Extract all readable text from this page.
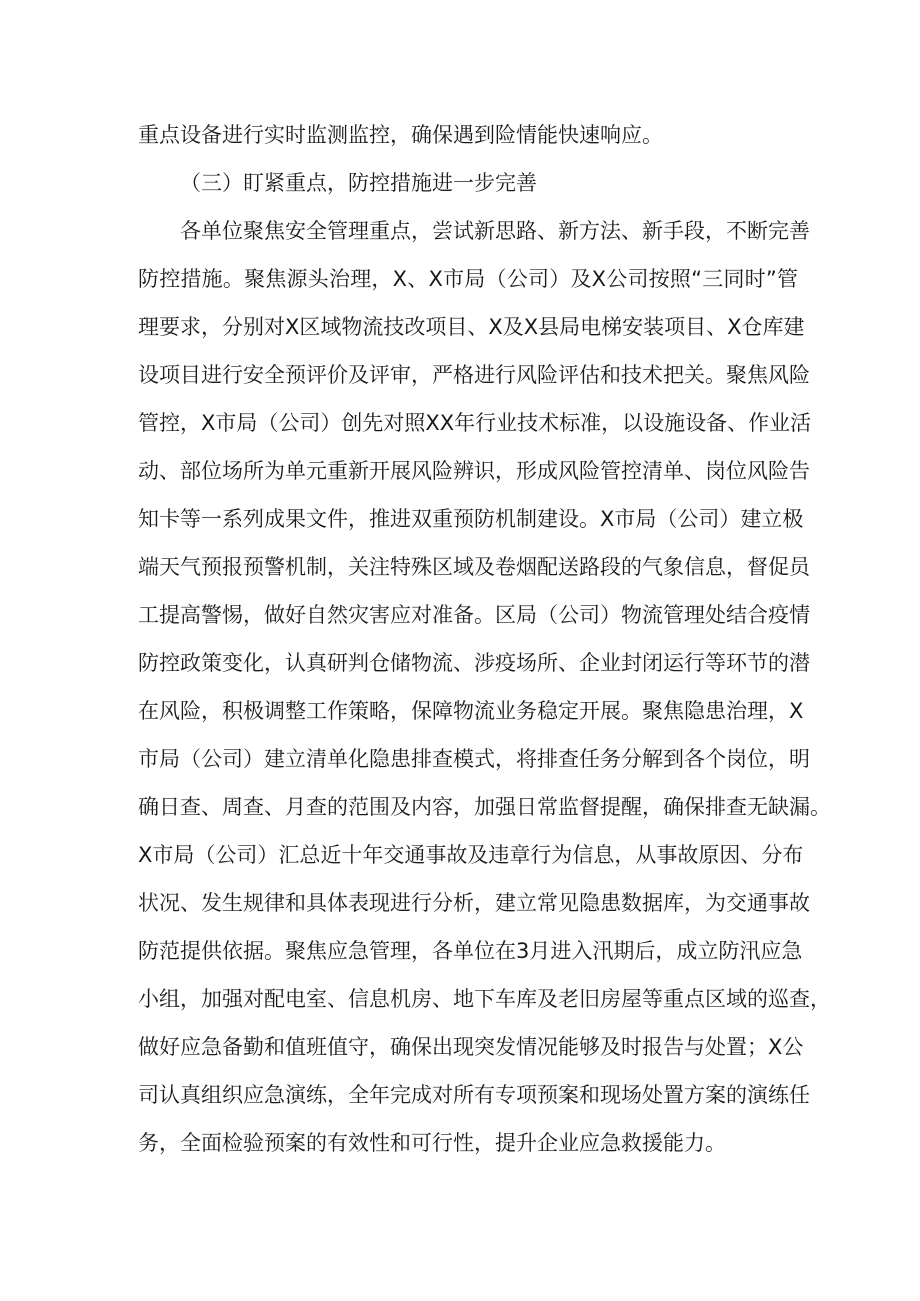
重点设备进行实时监测监控，确保遇到险情能快速响应。
（三）盯紧重点，防控措施进一步完善
各单位聚焦安全管理重点，尝试新思路、新方法、新手段，不断完善
防控措施。聚焦源头治理，X、X市局（公司）及X公司按照“三同时”管
理要求，分别对X区域物流技改项目、X及X县局电梯安装项目、X仓库建
设项目进行安全预评价及评审，严格进行风险评估和技术把关。聚焦风险
管控，X市局（公司）创先对照XX年行业技术标准，以设施设备、作业活
动、部位场所为单元重新开展风险辨识，形成风险管控清单、岗位风险告
知卡等一系列成果文件，推进双重预防机制建设。X市局（公司）建立极
端天气预报预警机制，关注特殊区域及卷烟配送路段的气象信息，督促员
工提高警惕，做好自然灾害应对准备。区局（公司）物流管理处结合疫情
防控政策变化，认真研判仓储物流、涉疫场所、企业封闭运行等环节的潜
在风险，积极调整工作策略，保障物流业务稳定开展。聚焦隐患治理，X
市局（公司）建立清单化隐患排查模式，将排查任务分解到各个岗位，明
确日查、周查、月查的范围及内容，加强日常监督提醒，确保排查无缺漏。
X市局（公司）汇总近十年交通事故及违章行为信息，从事故原因、分布
状况、发生规律和具体表现进行分析，建立常见隐患数据库，为交通事故
防范提供依据。聚焦应急管理，各单位在3月进入汛期后，成立防汛应急
小组，加强对配电室、信息机房、地下车库及老旧房屋等重点区域的巡查，
做好应急备勤和值班值守，确保出现突发情况能够及时报告与处置；X公
司认真组织应急演练，全年完成对所有专项预案和现场处置方案的演练任
务，全面检验预案的有效性和可行性，提升企业应急救援能力。
